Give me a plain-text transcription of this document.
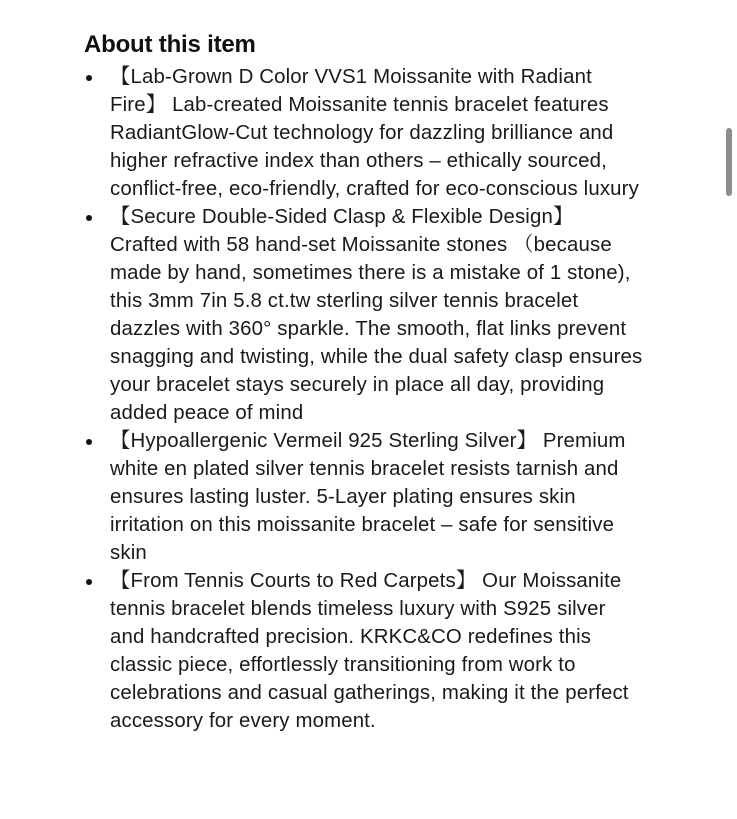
About this item
【Lab-Grown D Color VVS1 Moissanite with Radiant Fire】 Lab-created Moissanite tennis bracelet features RadiantGlow-Cut technology for dazzling brilliance and higher refractive index than others – ethically sourced, conflict-free, eco-friendly, crafted for eco-conscious luxury
【Secure Double-Sided Clasp & Flexible Design】 Crafted with 58 hand-set Moissanite stones （because made by hand, sometimes there is a mistake of 1 stone), this 3mm 7in 5.8 ct.tw sterling silver tennis bracelet dazzles with 360° sparkle. The smooth, flat links prevent snagging and twisting, while the dual safety clasp ensures your bracelet stays securely in place all day, providing added peace of mind
【Hypoallergenic Vermeil 925 Sterling Silver】 Premium white en plated silver tennis bracelet resists tarnish and ensures lasting luster. 5-Layer plating ensures skin irritation on this moissanite bracelet – safe for sensitive skin
【From Tennis Courts to Red Carpets】 Our Moissanite tennis bracelet blends timeless luxury with S925 silver and handcrafted precision. KRKC&CO redefines this classic piece, effortlessly transitioning from work to celebrations and casual gatherings, making it the perfect accessory for every moment.
